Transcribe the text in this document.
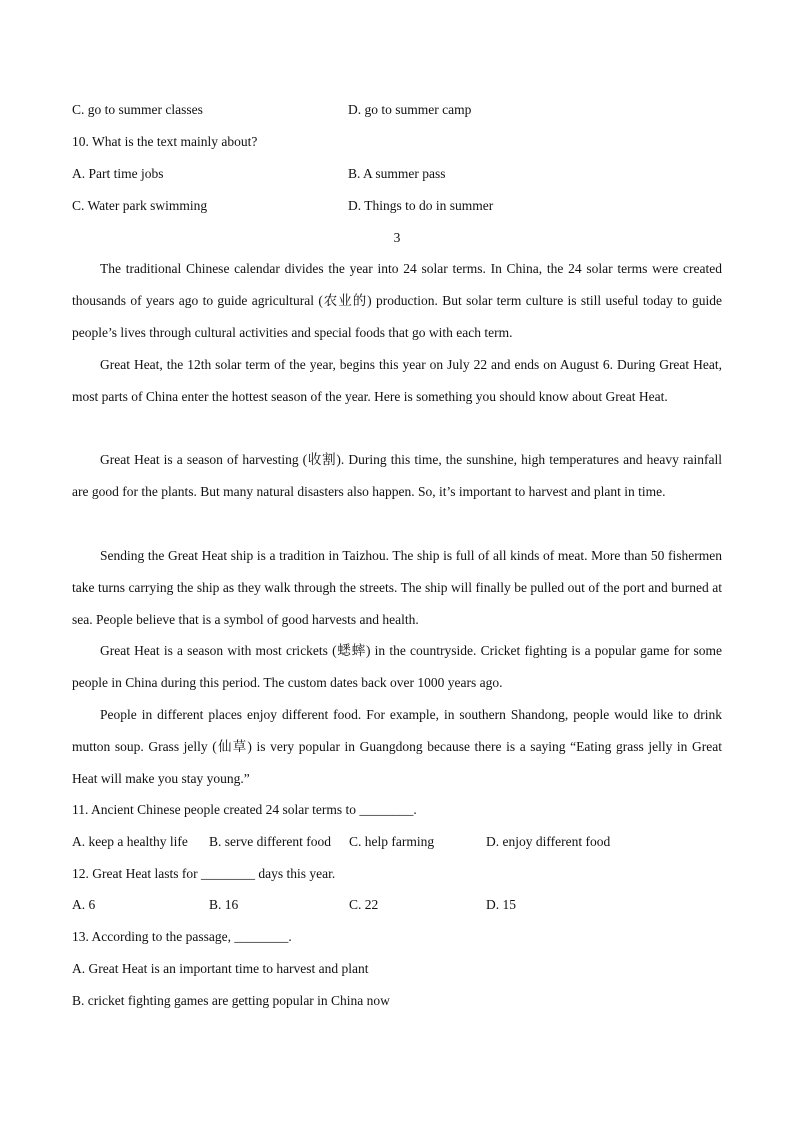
C. go to summer classes	D. go to summer camp
10. What is the text mainly about?
A. Part time jobs	B. A summer pass
C. Water park swimming	D. Things to do in summer
3

The traditional Chinese calendar divides the year into 24 solar terms. In China, the 24 solar terms were created thousands of years ago to guide agricultural (农业的) production. But solar term culture is still useful today to guide people’s lives through cultural activities and special foods that go with each term.

Great Heat, the 12th solar term of the year, begins this year on July 22 and ends on August 6. During Great Heat, most parts of China enter the hottest season of the year. Here is something you should know about Great Heat.

Great Heat is a season of harvesting (收割). During this time, the sunshine, high temperatures and heavy rainfall are good for the plants. But many natural disasters also happen. So, it’s important to harvest and plant in time.

Sending the Great Heat ship is a tradition in Taizhou. The ship is full of all kinds of meat. More than 50 fishermen take turns carrying the ship as they walk through the streets. The ship will finally be pulled out of the port and burned at sea. People believe that is a symbol of good harvests and health.

Great Heat is a season with most crickets (蟋蟀) in the countryside. Cricket fighting is a popular game for some people in China during this period. The custom dates back over 1000 years ago.

People in different places enjoy different food. For example, in southern Shandong, people would like to drink mutton soup. Grass jelly (仙草) is very popular in Guangdong because there is a saying “Eating grass jelly in Great Heat will make you stay young.”

11. Ancient Chinese people created 24 solar terms to ________.
A. keep a healthy life B. serve different food C. help farming	D. enjoy different food
12. Great Heat lasts for ________ days this year.
A. 6	B. 16	C. 22	D. 15
13. According to the passage, ________.
A. Great Heat is an important time to harvest and plant
B. cricket fighting games are getting popular in China now
